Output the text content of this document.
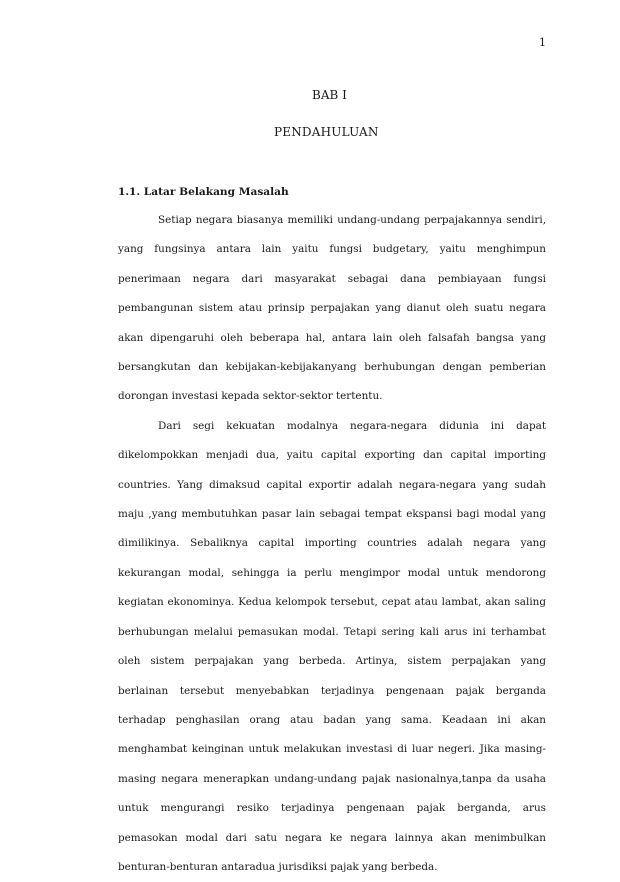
1
BAB I
PENDAHULUAN
1.1. Latar Belakang Masalah

Setiap negara biasanya memiliki undang-undang perpajakannya sendiri, yang fungsinya antara lain yaitu fungsi budgetary, yaitu menghimpun penerimaan negara dari masyarakat sebagai dana pembiayaan fungsi pembangunan sistem atau prinsip perpajakan yang dianut oleh suatu negara akan dipengaruhi oleh beberapa hal, antara lain oleh falsafah bangsa yang bersangkutan dan kebijakan-kebijakanyang berhubungan dengan pemberian dorongan investasi kepada sektor-sektor tertentu.

Dari segi kekuatan modalnya negara-negara didunia ini dapat dikelompokkan menjadi dua, yaitu capital exporting dan capital importing countries. Yang dimaksud capital exportir adalah negara-negara yang sudah maju ,yang membutuhkan pasar lain sebagai tempat ekspansi bagi modal yang dimilikinya. Sebaliknya capital importing countries adalah negara yang kekurangan modal, sehingga ia perlu mengimpor modal untuk mendorong kegiatan ekonominya. Kedua kelompok tersebut, cepat atau lambat, akan saling berhubungan melalui pemasukan modal. Tetapi sering kali arus ini terhambat oleh sistem perpajakan yang berbeda. Artinya, sistem perpajakan yang berlainan tersebut menyebabkan terjadinya pengenaan pajak berganda terhadap penghasilan orang atau badan yang sama. Keadaan ini akan menghambat keinginan untuk melakukan investasi di luar negeri. Jika masing-masing negara menerapkan undang-undang pajak nasionalnya,tanpa da usaha untuk mengurangi resiko terjadinya pengenaan pajak berganda, arus pemasokan modal dari satu negara ke negara lainnya akan menimbulkan benturan-benturan antaradua jurisdiksi pajak yang berbeda.
